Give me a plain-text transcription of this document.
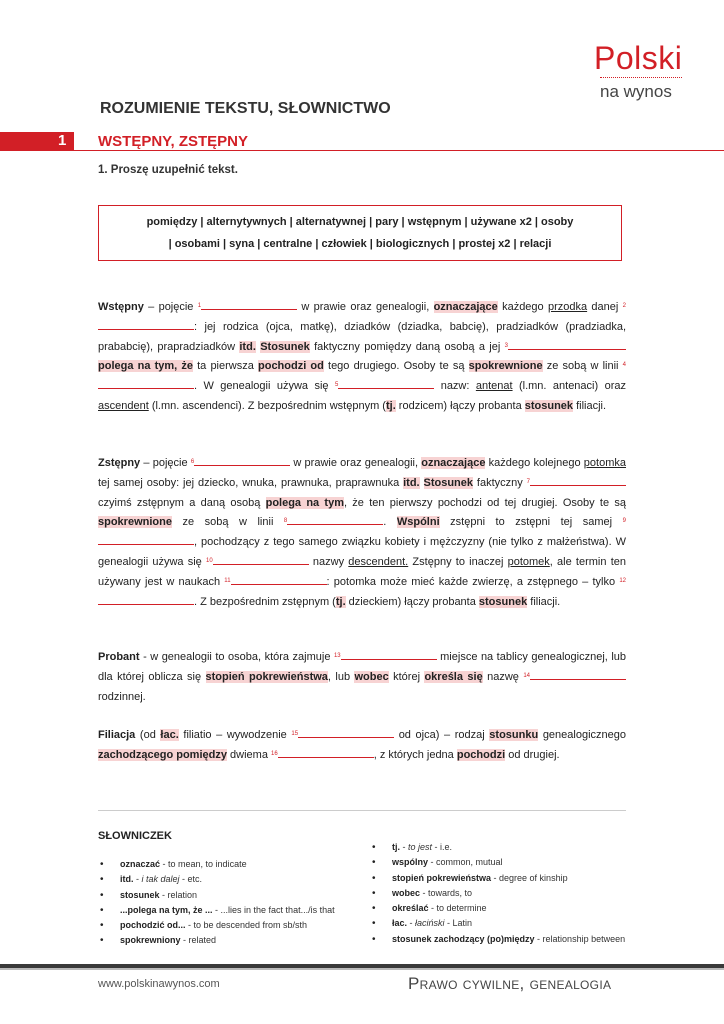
Polski
na wynos
ROZUMIENIE TEKSTU, SŁOWNICTWO
1 WSTĘPNY, ZSTĘPNY
1. Proszę uzupełnić tekst.
pomiędzy | alternytywnych | alternatywnej | pary | wstępnym | używane x2 | osoby
| osobami | syna | centralne | człowiek | biologicznych | prostej x2 | relacji
Wstępny – pojęcie $^1$	w prawie oraz genealogii, oznaczające każdego przodka danej $^2$: jej rodzica (ojca, matkę), dziadków (dziadka, babcię), pradziadków (pradziadka, prababcię), prapradziadków itd. Stosunek faktyczny pomiędzy daną osobą a jej $^3$ polega na tym, że ta pierwsza pochodzi od tego drugiego. Osoby te są spokrewnione ze sobą w linii $^4$. W genealogii używa się $^5$	nazw: antenat (l.mn. antenaci) oraz ascendent (l.mn. ascendenci). Z bezpośrednim wstępnym (tj. rodzicem) łączy probanta stosunek filiacji.
Zstępny – pojęcie $^6$	w prawie oraz genealogii, oznaczające każdego kolejnego potomka tej samej osoby: jej dziecko, wnuka, prawnuka, praprawnuka itd. Stosunek faktyczny $^7$ czyimś zstępnym a daną osobą polega na tym, że ten pierwszy pochodzi od tej drugiej. Osoby te są spokrewnione ze sobą w linii $^8$	. Wspólni zstępni to zstępni tej samej $^9$, pochodzący z tego samego związku kobiety i mężczyzny (nie tylko z małżeństwa). W genealogii używa się $^{10}$	nazwy descendent. Zstępny to inaczej potomek, ale termin ten używany jest w naukach $^{11}$	: potomka może mieć każde zwierzę, a zstępnego – tylko $^{12}$. Z bezpośrednim zstępnym (tj. dzieckiem) łączy probanta stosunek filiacji.
Probant - w genealogii to osoba, która zajmuje $^{13}$	miejsce na tablicy genealogicznej, lub dla której oblicza się stopień pokrewieństwa, lub wobec której określa się nazwę $^{14}$ rodzinnej.
Filiacja (od łac. filiatio – wywodzenie $^{15}$	od ojca) – rodzaj stosunku genealogicznego zachodzącego pomiędzy dwiema $^{16}$	, z których jedna pochodzi od drugiej.
SŁOWNICZEK
• oznaczać - to mean, to indicate
• itd. - i tak dalej - etc.
• stosunek - relation
• ...polega na tym, że ... - ...lies in the fact that.../is that
• pochodzić od... - to be descended from sb/sth
• spokrewniony - related
• tj. - to jest - i.e.
• wspólny - common, mutual
• stopień pokrewieństwa - degree of kinship
• wobec - towards, to
• określać - to determine
• łac. - łaciński - Latin
• stosunek zachodzący (po)między - relationship between
www.polskinawynos.com	Prawo cywilne, genealogia
